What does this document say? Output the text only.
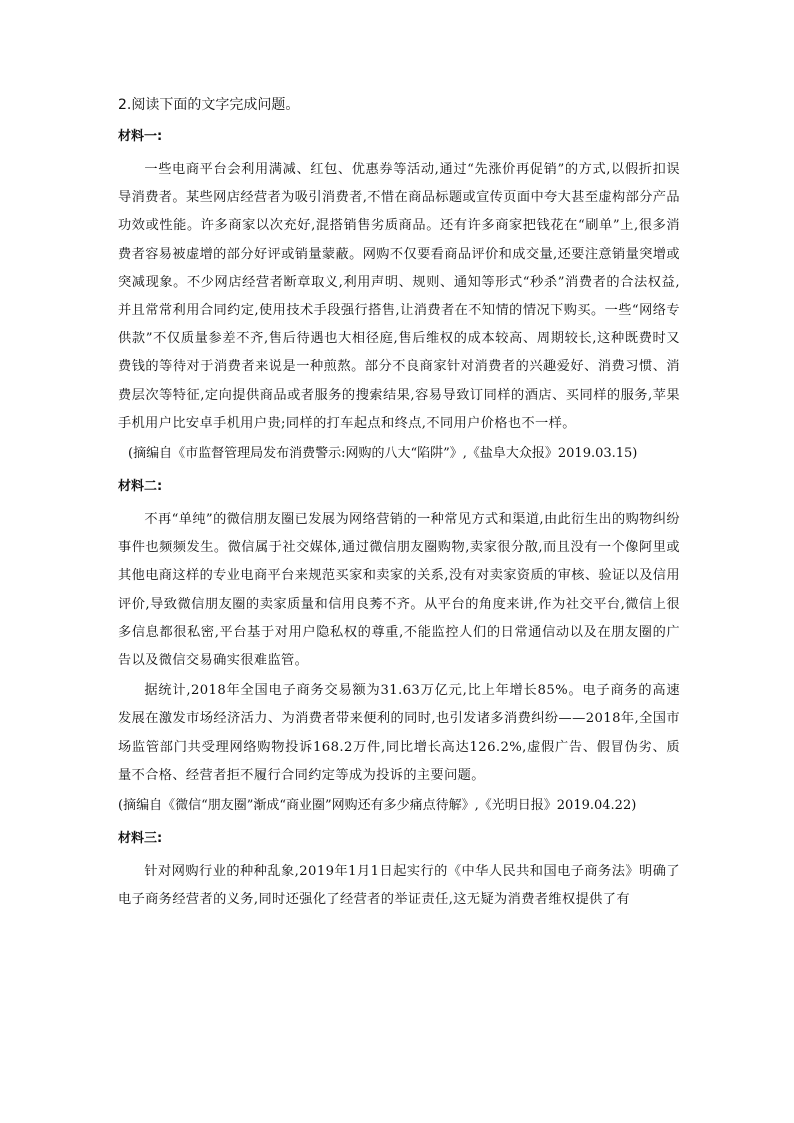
2.阅读下面的文字完成问题。

材料一:

一些电商平台会利用满减、红包、优惠券等活动,通过“先涨价再促销”的方式,以假折扣误导消费者。某些网店经营者为吸引消费者,不惜在商品标题或宣传页面中夸大甚至虚构部分产品功效或性能。许多商家以次充好,混搭销售劣质商品。还有许多商家把钱花在“刷单”上,很多消费者容易被虚增的部分好评或销量蒙蔽。网购不仅要看商品评价和成交量,还要注意销量突增或突减现象。不少网店经营者断章取义,利用声明、规则、通知等形式“秒杀”消费者的合法权益,并且常常利用合同约定,使用技术手段强行搭售,让消费者在不知情的情况下购买。一些“网络专供款”不仅质量参差不齐,售后待遇也大相径庭,售后维权的成本较高、周期较长,这种既费时又费钱的等待对于消费者来说是一种煎熬。部分不良商家针对消费者的兴趣爱好、消费习惯、消费层次等特征,定向提供商品或者服务的搜索结果,容易导致订同样的酒店、买同样的服务,苹果手机用户比安卓手机用户贵;同样的打车起点和终点,不同用户价格也不一样。

(摘编自《市监督管理局发布消费警示:网购的八大“陷阱”》,《盐阜大众报》2019.03.15)

材料二:

不再“单纯”的微信朋友圈已发展为网络营销的一种常见方式和渠道,由此衍生出的购物纠纷事件也频频发生。微信属于社交媒体,通过微信朋友圈购物,卖家很分散,而且没有一个像阿里或其他电商这样的专业电商平台来规范买家和卖家的关系,没有对卖家资质的审核、验证以及信用评价,导致微信朋友圈的卖家质量和信用良莠不齐。从平台的角度来讲,作为社交平台,微信上很多信息都很私密,平台基于对用户隐私权的尊重,不能监控人们的日常通信动以及在朋友圈的广告以及微信交易确实很难监管。

据统计,2018年全国电子商务交易额为31.63万亿元,比上年增长85%。电子商务的高速发展在激发市场经济活力、为消费者带来便利的同时,也引发诸多消费纠纷——2018年,全国市场监管部门共受理网络购物投诉168.2万件,同比增长高达126.2%,虚假广告、假冒伪劣、质量不合格、经营者拒不履行合同约定等成为投诉的主要问题。

(摘编自《微信“朋友圈”渐成“商业圈”网购还有多少痛点待解》,《光明日报》2019.04.22)

材料三:

针对网购行业的种种乱象,2019年1月1日起实行的《中华人民共和国电子商务法》明确了电子商务经营者的义务,同时还强化了经营者的举证责任,这无疑为消费者维权提供了有
